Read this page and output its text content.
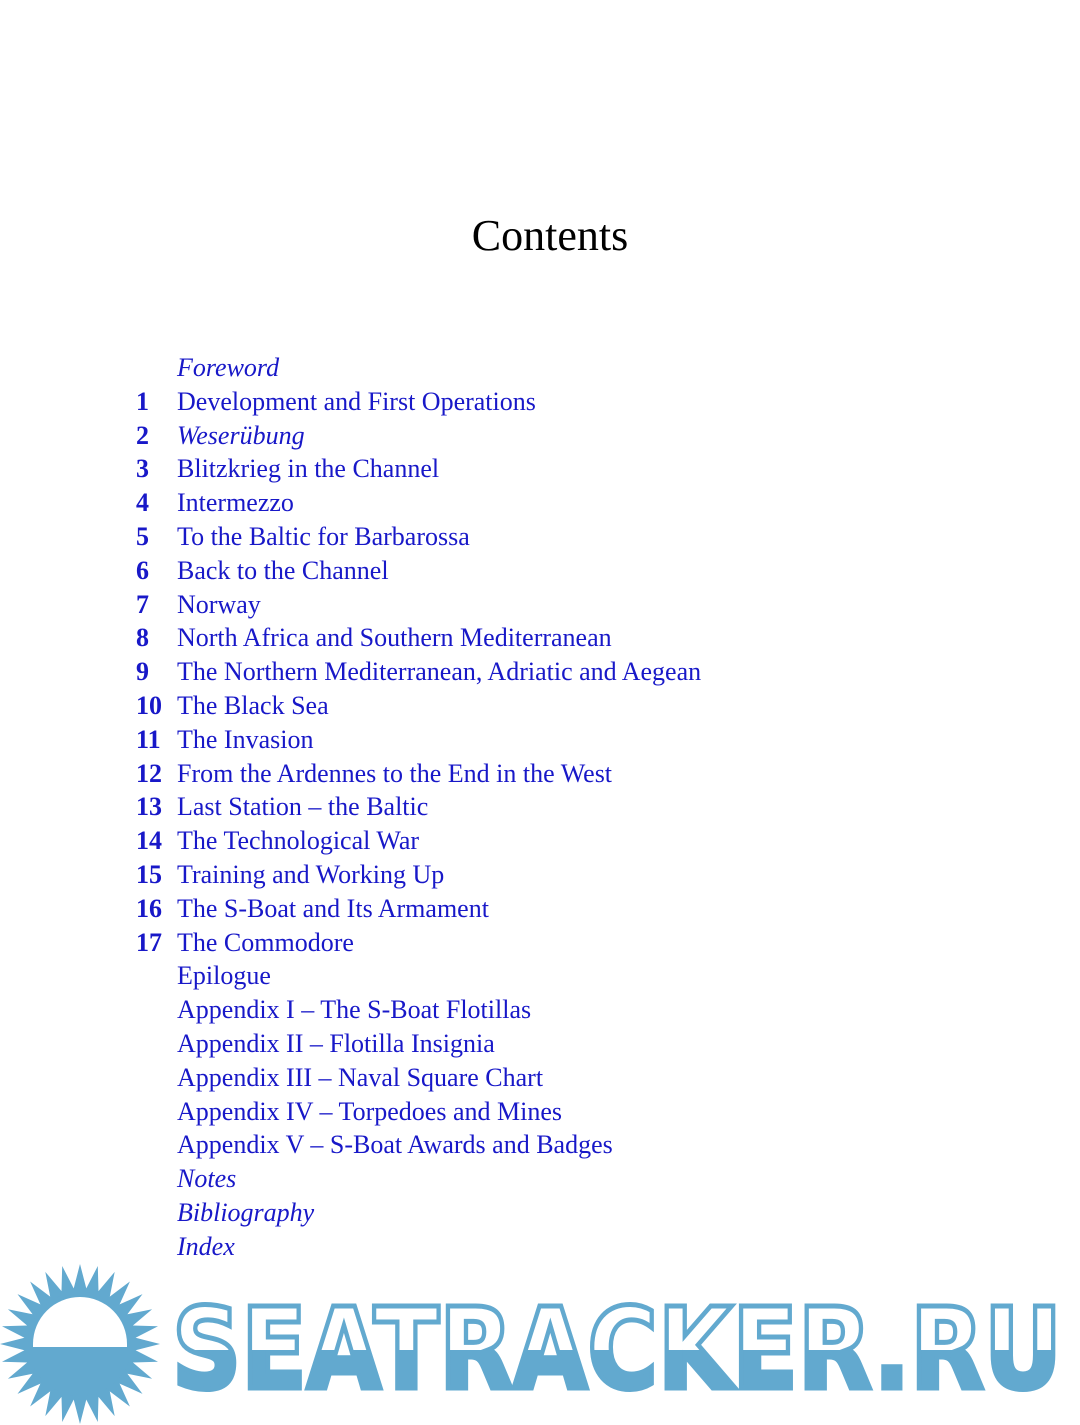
Contents
Foreword
1	Development and First Operations
2	Weserübung
3	Blitzkrieg in the Channel
4	Intermezzo
5	To the Baltic for Barbarossa
6	Back to the Channel
7	Norway
8	North Africa and Southern Mediterranean
9	The Northern Mediterranean, Adriatic and Aegean
10 The Black Sea
11 The Invasion
12 From the Ardennes to the End in the West
13 Last Station – the Baltic
14 The Technological War
15 Training and Working Up
16 The S-Boat and Its Armament
17 The Commodore
Epilogue
Appendix I – The S-Boat Flotillas
Appendix II – Flotilla Insignia
Appendix III – Naval Square Chart
Appendix IV – Torpedoes and Mines
Appendix V – S-Boat Awards and Badges
Notes
Bibliography
Index
SEATRACKER.RU
